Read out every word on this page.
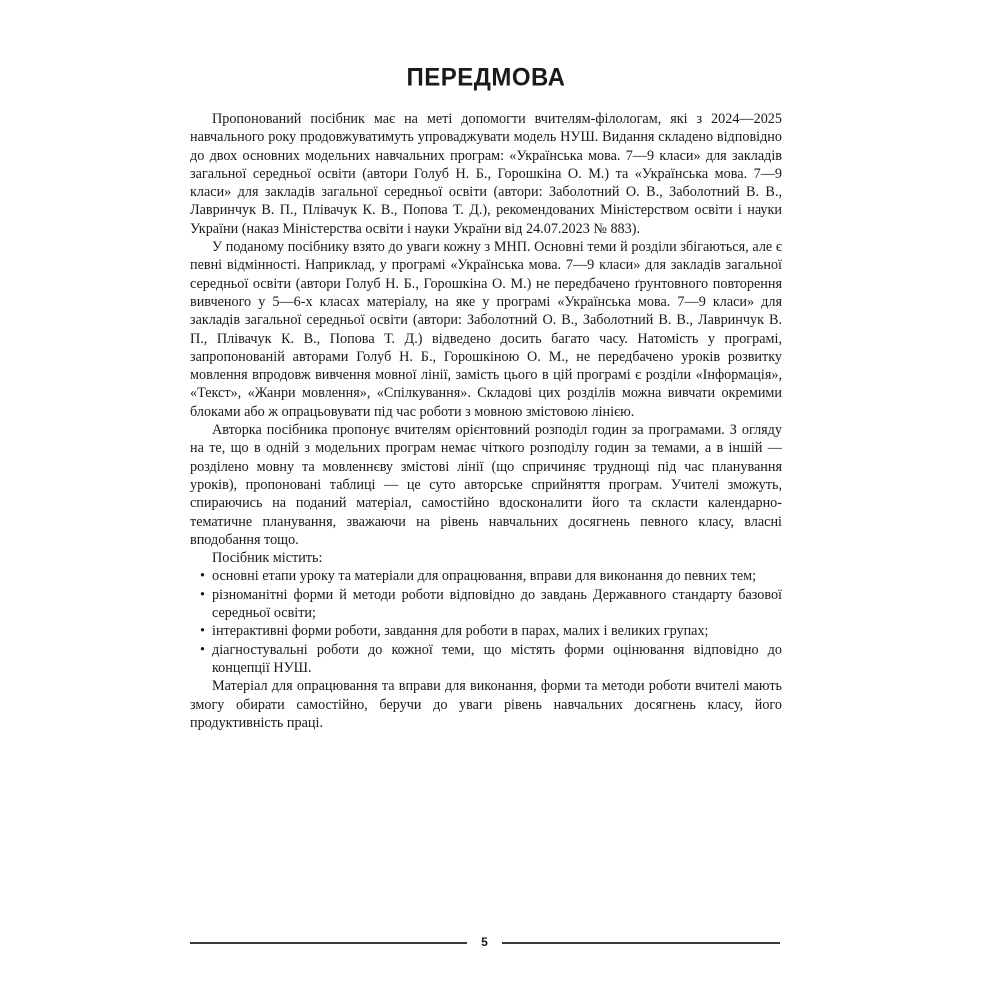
ПЕРЕДМОВА

Пропонований посібник має на меті допомогти вчителям-філологам, які з 2024—2025 навчального року продовжуватимуть упроваджувати модель НУШ. Видання складено відповідно до двох основних модельних навчальних програм: «Українська мова. 7—9 класи» для закладів загальної середньої освіти (автори Голуб Н. Б., Горошкіна О. М.) та «Українська мова. 7—9 класи» для закладів загальної середньої освіти (автори: Заболотний О. В., Заболотний В. В., Лавринчук В. П., Плівачук К. В., Попова Т. Д.), рекомендованих Міністерством освіти і науки України (наказ Міністерства освіти і науки України від 24.07.2023 № 883).

У поданому посібнику взято до уваги кожну з МНП. Основні теми й розділи збігаються, але є певні відмінності. Наприклад, у програмі «Українська мова. 7—9 класи» для закладів загальної середньої освіти (автори Голуб Н. Б., Горошкіна О. М.) не передбачено ґрунтовного повторення вивченого у 5—6-х класах матеріалу, на яке у програмі «Українська мова. 7—9 класи» для закладів загальної середньої освіти (автори: Заболотний О. В., Заболотний В. В., Лавринчук В. П., Плівачук К. В., Попова Т. Д.) відведено досить багато часу. Натомість у програмі, запропонованій авторами Голуб Н. Б., Горошкіною О. М., не передбачено уроків розвитку мовлення впродовж вивчення мовної лінії, замість цього в цій програмі є розділи «Інформація», «Текст», «Жанри мовлення», «Спілкування». Складові цих розділів можна вивчати окремими блоками або ж опрацьовувати під час роботи з мовною змістовою лінією.

Авторка посібника пропонує вчителям орієнтовний розподіл годин за програмами. З огляду на те, що в одній з модельних програм немає чіткого розподілу годин за темами, а в іншій — розділено мовну та мовленнєву змістові лінії (що спричиняє труднощі під час планування уроків), пропоновані таблиці — це суто авторське сприйняття програм. Учителі зможуть, спираючись на поданий матеріал, самостійно вдосконалити його та скласти календарно-тематичне планування, зважаючи на рівень навчальних досягнень певного класу, власні вподобання тощо.

Посібник містить:

• основні етапи уроку та матеріали для опрацювання, вправи для виконання до певних тем;
• різноманітні форми й методи роботи відповідно до завдань Державного стандарту базової середньої освіти;
• інтерактивні форми роботи, завдання для роботи в парах, малих і великих групах;
• діагностувальні роботи до кожної теми, що містять форми оцінювання відповідно до концепції НУШ.

Матеріал для опрацювання та вправи для виконання, форми та методи роботи вчителі мають змогу обирати самостійно, беручи до уваги рівень навчальних досягнень класу, його продуктивність праці.

5
